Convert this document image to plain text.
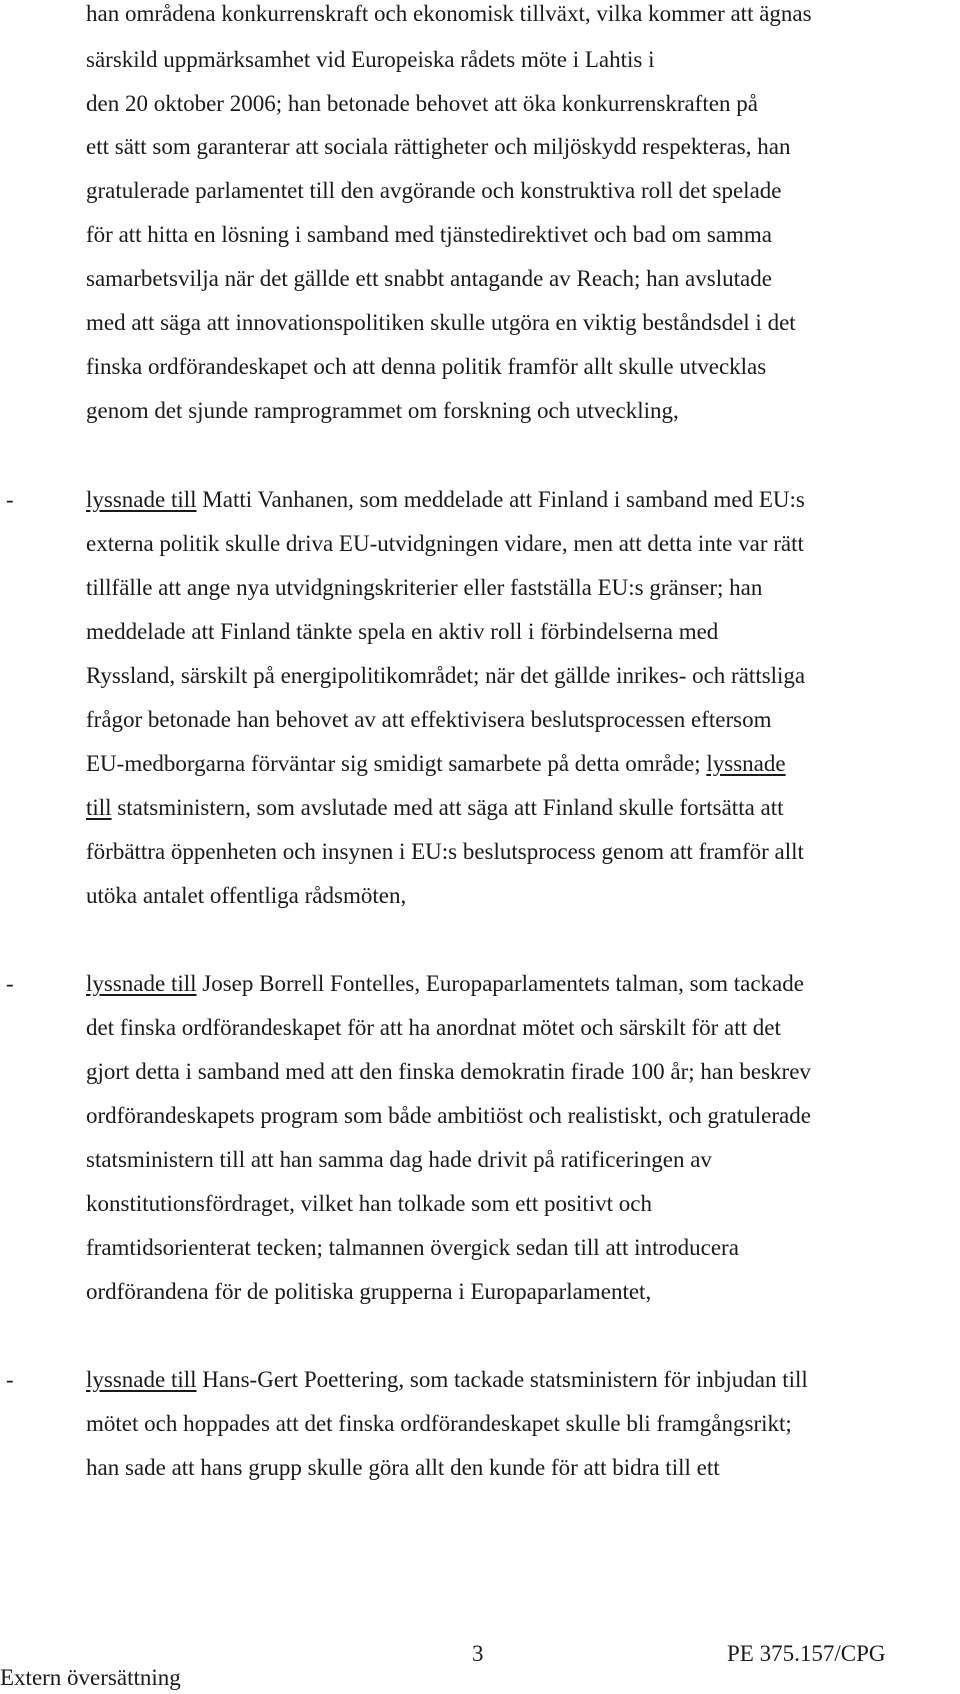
han områdena konkurrenskraft och ekonomisk tillväxt, vilka kommer att ägnas
särskild uppmärksamhet vid Europeiska rådets möte i Lahtis i
den 20 oktober 2006; han betonade behovet att öka konkurrenskraften på
ett sätt som garanterar att sociala rättigheter och miljöskydd respekteras, han
gratulerade parlamentet till den avgörande och konstruktiva roll det spelade
för att hitta en lösning i samband med tjänstedirektivet och bad om samma
samarbetsvilja när det gällde ett snabbt antagande av Reach; han avslutade
med att säga att innovationspolitiken skulle utgöra en viktig beståndsdel i det
finska ordförandeskapet och att denna politik framför allt skulle utvecklas
genom det sjunde ramprogrammet om forskning och utveckling,
-	lyssnade till Matti Vanhanen, som meddelade att Finland i samband med EU:s
externa politik skulle driva EU-utvidgningen vidare, men att detta inte var rätt
tillfälle att ange nya utvidgningskriterier eller fastställa EU:s gränser; han
meddelade att Finland tänkte spela en aktiv roll i förbindelserna med
Ryssland, särskilt på energipolitikområdet; när det gällde inrikes- och rättsliga
frågor betonade han behovet av att effektivisera beslutsprocessen eftersom
EU-medborgarna förväntar sig smidigt samarbete på detta område; lyssnade
till statsministern, som avslutade med att säga att Finland skulle fortsätta att
förbättra öppenheten och insynen i EU:s beslutsprocess genom att framför allt
utöka antalet offentliga rådsmöten,
-	lyssnade till Josep Borrell Fontelles, Europaparlamentets talman, som tackade
det finska ordförandeskapet för att ha anordnat mötet och särskilt för att det
gjort detta i samband med att den finska demokratin firade 100 år; han beskrev
ordförandeskapets program som både ambitiöst och realistiskt, och gratulerade
statsministern till att han samma dag hade drivit på ratificeringen av
konstitutionsfördraget, vilket han tolkade som ett positivt och
framtidsorienterat tecken; talmannen övergick sedan till att introducera
ordförandena för de politiska grupperna i Europaparlamentet,
-	lyssnade till Hans-Gert Poettering, som tackade statsministern för inbjudan till
mötet och hoppades att det finska ordförandeskapet skulle bli framgångsrikt;
han sade att hans grupp skulle göra allt den kunde för att bidra till ett
3	PE 375.157/CPG
Extern översättning
